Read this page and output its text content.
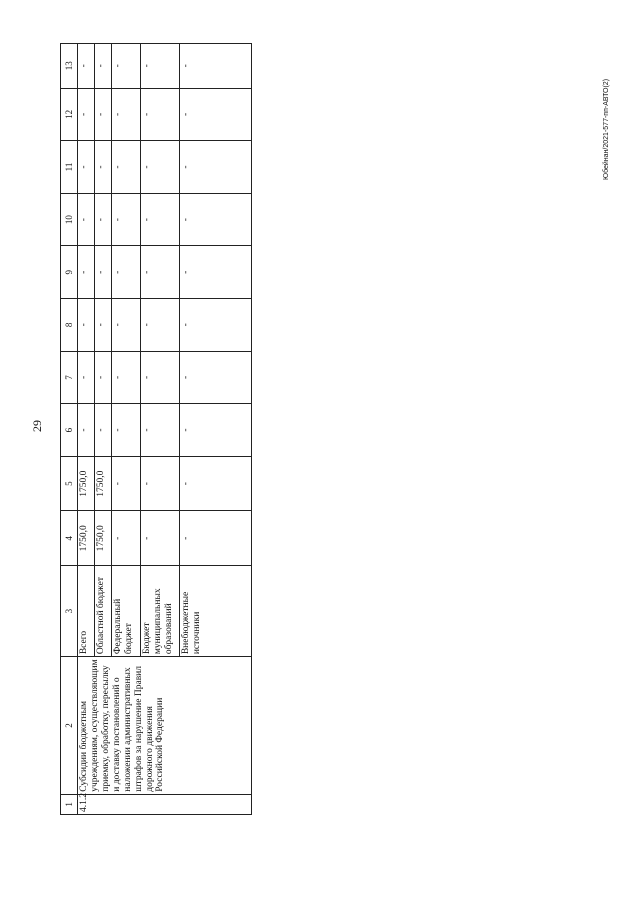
29
Юбейнан/2021-577-пп-АВТО(2)
1	2	3	4	5	6	7	8	9	10	11	12	13
4.1.2	Субсидии бюджетным учреждениям, осуществляющим приемку, обработку, пересылку и доставку постановлений о наложении административных штрафов за нарушение Правил дорожного движения Российской Федерации	Всего	1750,0	1750,0	-	-	-	-	-	-	-	-
		Областной бюджет	1750,0	1750,0	-	-	-	-	-	-	-	-
		Федеральный бюджет	-	-	-	-	-	-	-	-	-	-
		Бюджет муниципальных образований	-	-	-	-	-	-	-	-	-	-
		Внебюджетные источники	-	-	-	-	-	-	-	-	-	-
